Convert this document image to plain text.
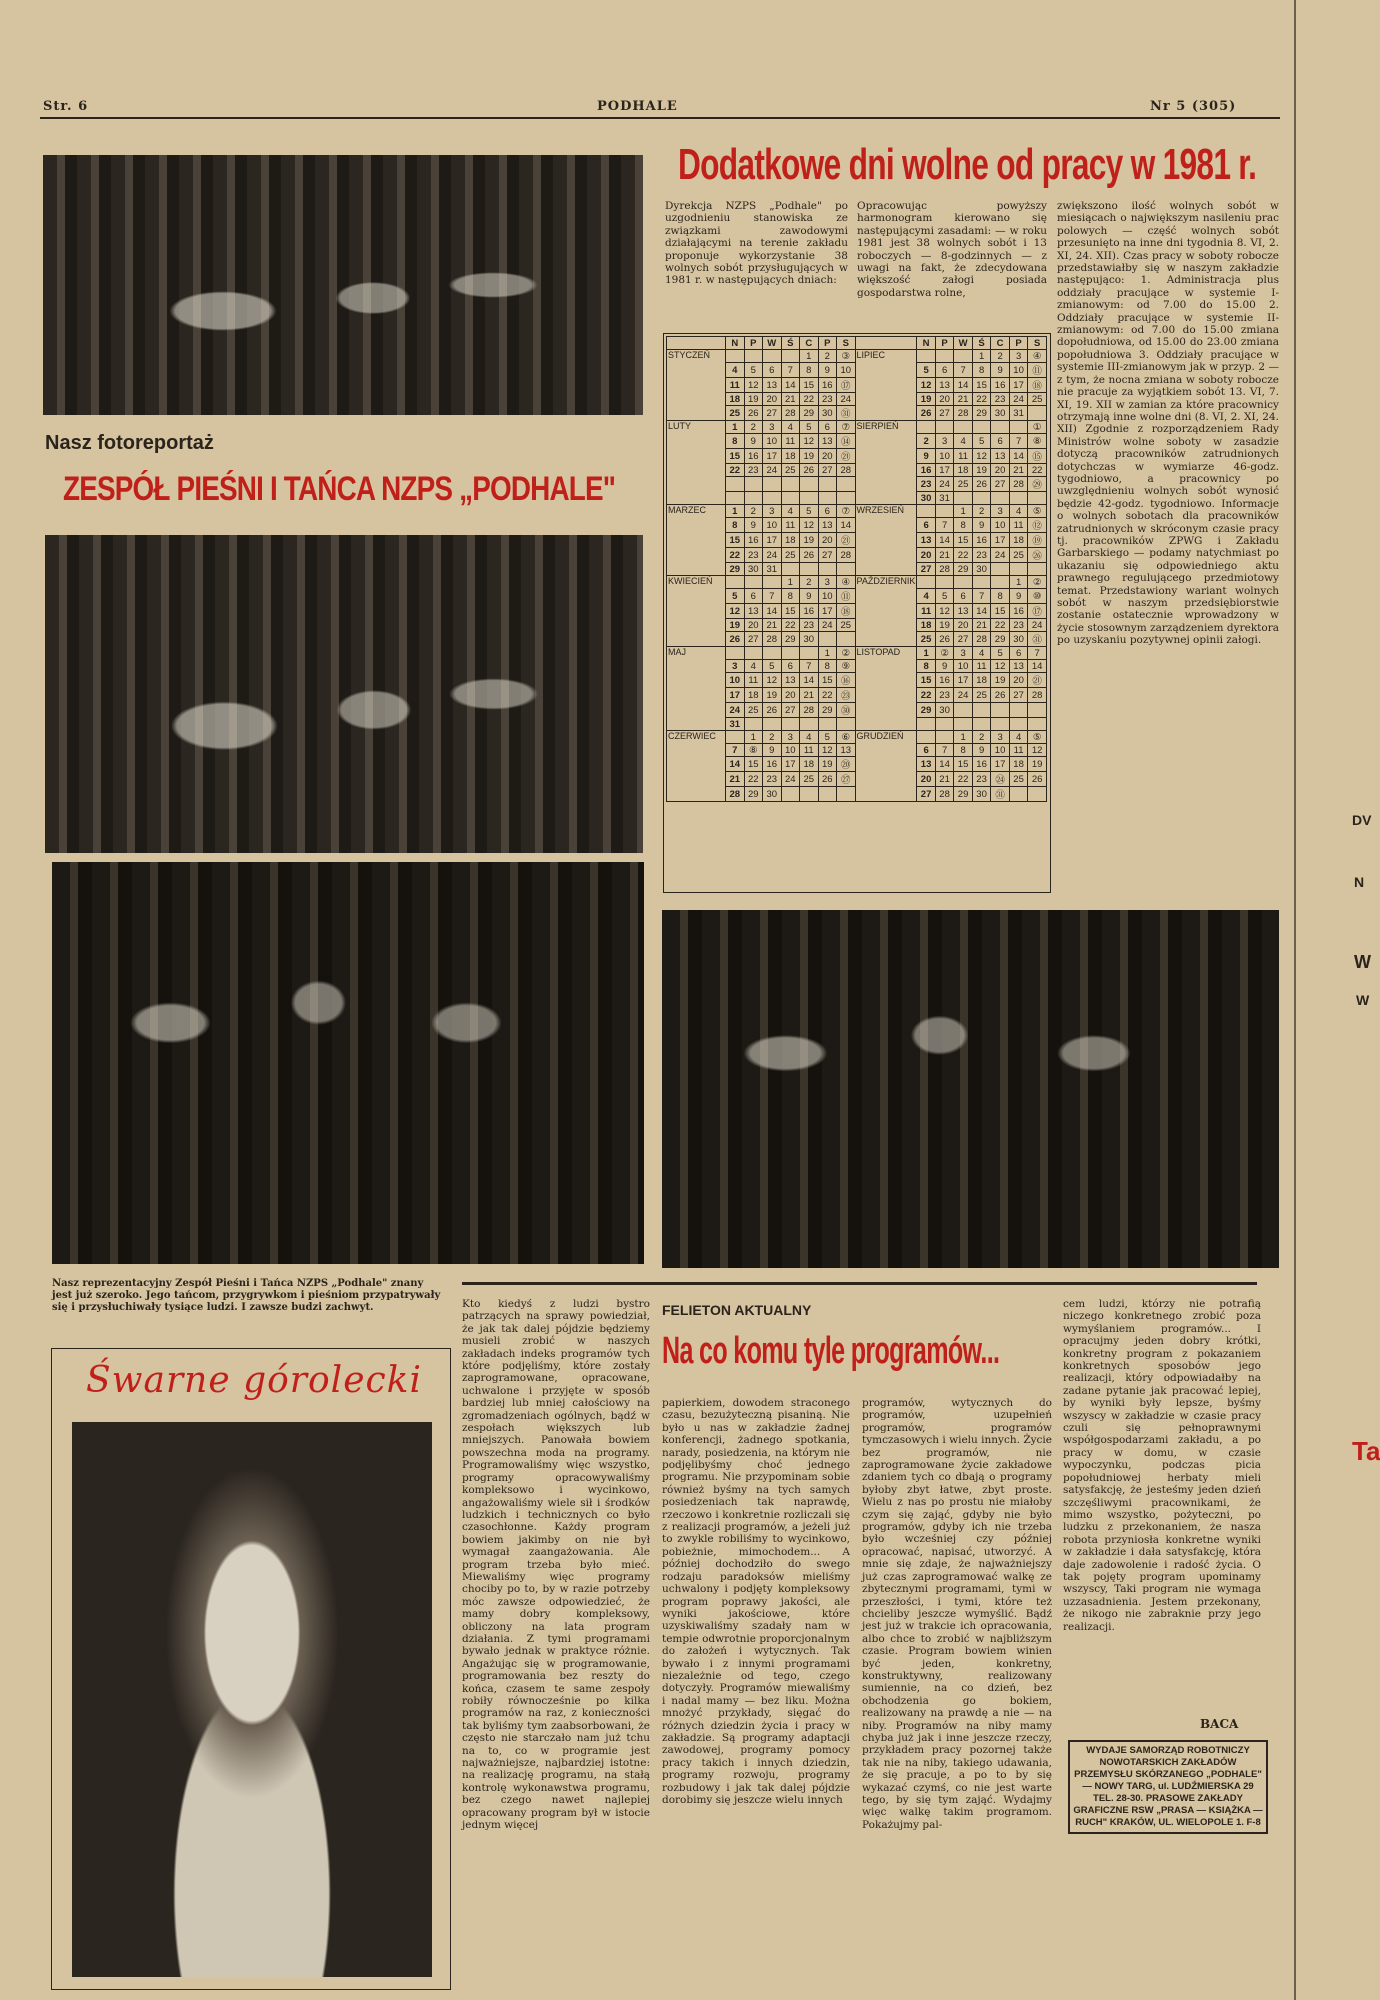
Str. 6	PODHALE	Nr 5 (305)
Nasz fotoreportaż
ZESPÓŁ PIEŚNI I TAŃCA NZPS „PODHALE"
Nasz reprezentacyjny Zespół Pieśni i Tańca NZPS „Podhale" znany jest już szeroko. Jego tańcom, przygrywkom i pieśniom przypatrywały się i przysłuchiwały tysiące ludzi. I zawsze budzi zachwyt.
Dodatkowe dni wolne od pracy w 1981 r.
Dyrekcja NZPS „Podhale" po uzgodnieniu stanowiska ze związkami zawodowymi działającymi na terenie zakładu proponuje wykorzystanie 38 wolnych sobót przysługujących w 1981 r. w następujących dniach:
Opracowując powyższy harmonogram kierowano się następującymi zasadami: — w roku 1981 jest 38 wolnych sobót i 13 roboczych — 8-godzinnych — z uwagi na fakt, że zdecydowana większość załogi posiada gospodarstwa rolne,
zwiększono ilość wolnych sobót w miesiącach o największym nasileniu prac polowych — część wolnych sobót przesunięto na inne dni tygodnia 8. VI, 2. XI, 24. XII). Czas pracy w soboty robocze przedstawiałby się w naszym zakładzie następująco: 1. Administracja plus oddziały pracujące w systemie I-zmianowym: od 7.00 do 15.00 2. Oddziały pracujące w systemie II-zmianowym: od 7.00 do 15.00 zmiana dopołudniowa, od 15.00 do 23.00 zmiana popołudniowa 3. Oddziały pracujące w systemie III-zmianowym jak w przyp. 2 — z tym, że nocna zmiana w soboty robocze nie pracuje za wyjątkiem sobót 13. VI, 7. XI, 19. XII w zamian za które pracownicy otrzymają inne wolne dni (8. VI, 2. XI, 24. XII) Zgodnie z rozporządzeniem Rady Ministrów wolne soboty w zasadzie dotyczą pracowników zatrudnionych dotychczas w wymiarze 46-godz. tygodniowo, a pracownicy po uwzględnieniu wolnych sobót wynosić będzie 42-godz. tygodniowo. Informacje o wolnych sobotach dla pracowników zatrudnionych w skróconym czasie pracy tj. pracowników ZPWG i Zakładu Garbarskiego — podamy natychmiast po ukazaniu się odpowiedniego aktu prawnego regulującego przedmiotowy temat. Przedstawiony wariant wolnych sobót w naszym przedsiębiorstwie zostanie ostatecznie wprowadzony w życie stosownym zarządzeniem dyrektora po uzyskaniu pozytywnej opinii załogi.
	N	P	W	Ś	C	P	S		N	P	W	Ś	C	P	S
STYCZEŃ					1	2	③	LIPIEC				1	2	3	④
	4	5	6	7	8	9	10		5	6	7	8	9	10	⑪
	11	12	13	14	15	16	⑰		12	13	14	15	16	17	⑱
	18	19	20	21	22	23	24		19	20	21	22	23	24	25
	25	26	27	28	29	30	㉛		26	27	28	29	30	31	
LUTY	1	2	3	4	5	6	⑦	SIERPIEŃ							①
	8	9	10	11	12	13	⑭		2	3	4	5	6	7	⑧
	15	16	17	18	19	20	㉑		9	10	11	12	13	14	⑮
	22	23	24	25	26	27	28		16	17	18	19	20	21	22
									23	24	25	26	27	28	㉙
									30	31					
MARZEC	1	2	3	4	5	6	⑦	WRZESIEŃ			1	2	3	4	⑤
	8	9	10	11	12	13	14		6	7	8	9	10	11	⑫
	15	16	17	18	19	20	㉑		13	14	15	16	17	18	⑲
	22	23	24	25	26	27	28		20	21	22	23	24	25	㉖
	29	30	31						27	28	29	30			
KWIECIEŃ				1	2	3	④	PAŹDZIERNIK						1	②
	5	6	7	8	9	10	⑪		4	5	6	7	8	9	⑩
	12	13	14	15	16	17	⑱		11	12	13	14	15	16	⑰
	19	20	21	22	23	24	25		18	19	20	21	22	23	24
	26	27	28	29	30				25	26	27	28	29	30	㉛
MAJ						1	②	LISTOPAD	1	②	3	4	5	6	7
	3	4	5	6	7	8	⑨		8	9	10	11	12	13	14
	10	11	12	13	14	15	⑯		15	16	17	18	19	20	㉑
	17	18	19	20	21	22	㉓		22	23	24	25	26	27	28
	24	25	26	27	28	29	㉚		29	30					
	31														
CZERWIEC		1	2	3	4	5	⑥	GRUDZIEŃ			1	2	3	4	⑤
	7	⑧	9	10	11	12	13		6	7	8	9	10	11	12
	14	15	16	17	18	19	⑳		13	14	15	16	17	18	19
	21	22	23	24	25	26	㉗		20	21	22	23	㉔	25	26
	28	29	30						27	28	29	30	㉛		
Śwarne górolecki
Kto kiedyś z ludzi bystro patrzących na sprawy powiedział, że jak tak dalej pójdzie będziemy musieli zrobić w naszych zakładach indeks programów tych które podjęliśmy, które zostały zaprogramowane, opracowane, uchwalone i przyjęte w sposób bardziej lub mniej całościowy na zgromadzeniach ogólnych, bądź w zespołach większych lub mniejszych. Panowała bowiem powszechna moda na programy. Programowaliśmy więc wszystko, programy opracowywaliśmy kompleksowo i wycinkowo, angażowaliśmy wiele sił i środków ludzkich i technicznych co było czasochłonne. Każdy program bowiem jakimby on nie był wymagał zaangażowania. Ale program trzeba było mieć. Miewaliśmy więc programy chociby po to, by w razie potrzeby móc zawsze odpowiedzieć, że mamy dobry kompleksowy, obliczony na lata program działania. Z tymi programami bywało jednak w praktyce różnie. Angażując się w programowanie, programowania bez reszty do końca, czasem te same zespoły robiły równocześnie po kilka programów na raz, z konieczności tak byliśmy tym zaabsorbowani, że często nie starczało nam już tchu na to, co w programie jest najważniejsze, najbardziej istotne: na realizację programu, na stałą kontrolę wykonawstwa programu, bez czego nawet najlepiej opracowany program był w istocie jednym więcej
FELIETON AKTUALNY
Na co komu tyle programów...
papierkiem, dowodem straconego czasu, bezużyteczną pisaniną. Nie było u nas w zakładzie żadnej konferencji, żadnego spotkania, narady, posiedzenia, na którym nie podjęlibyśmy choć jednego programu. Nie przypominam sobie również byśmy na tych samych posiedzeniach tak naprawdę, rzeczowo i konkretnie rozliczali się z realizacji programów, a jeżeli już to zwykle robiliśmy to wycinkowo, pobieżnie, mimochodem... A później dochodziło do swego rodzaju paradoksów mieliśmy uchwalony i podjęty kompleksowy program poprawy jakości, ale wyniki jakościowe, które uzyskiwaliśmy szadały nam w tempie odwrotnie proporcjonalnym do założeń i wytycznych. Tak bywało i z innymi programami niezależnie od tego, czego dotyczyły. Programów miewaliśmy i nadal mamy — bez liku. Można mnożyć przykłady, sięgać do różnych dziedzin życia i pracy w zakładzie. Są programy adaptacji zawodowej, programy pomocy pracy takich i innych dziedzin, programy rozwoju, programy rozbudowy i jak tak dalej pójdzie dorobimy się jeszcze wielu innych
programów, wytycznych do programów, uzupełnień programów, programów tymczasowych i wielu innych. Życie bez programów, nie zaprogramowane życie zakładowe zdaniem tych co dbają o programy byłoby zbyt łatwe, zbyt proste. Wielu z nas po prostu nie miałoby czym się zająć, gdyby nie było programów, gdyby ich nie trzeba było wcześniej czy później opracować, napisać, utworzyć. A mnie się zdaje, że najważniejszy już czas zaprogramować walkę ze zbytecznymi programami, tymi w przeszłości, i tymi, które też chcieliby jeszcze wymyślić. Bądź jest już w trakcie ich opracowania, albo chce to zrobić w najbliższym czasie. Program bowiem winien być jeden, konkretny, konstruktywny, realizowany sumiennie, na co dzień, bez obchodzenia go bokiem, realizowany na prawdę a nie — na niby. Programów na niby mamy chyba już jak i inne jeszcze rzeczy, przykładem pracy pozornej także tak nie na niby, takiego udawania, że się pracuje, a po to by się wykazać czymś, co nie jest warte tego, by się tym zająć. Wydajmy więc walkę takim programom. Pokażujmy pal-
cem ludzi, którzy nie potrafią niczego konkretnego zrobić poza wymyślaniem programów... I opracujmy jeden dobry krótki, konkretny program z pokazaniem konkretnych sposobów jego realizacji, który odpowiadałby na zadane pytanie jak pracować lepiej, by wyniki były lepsze, byśmy wszyscy w zakładzie w czasie pracy czuli się pełnoprawnymi współgospodarzami zakładu, a po pracy w domu, w czasie wypoczynku, podczas picia popołudniowej herbaty mieli satysfakcję, że jesteśmy jeden dzień szczęśliwymi pracownikami, że mimo wszystko, pożyteczni, po ludzku z przekonaniem, że nasza robota przyniosła konkretne wyniki w zakładzie i dała satysfakcję, która daje zadowolenie i radość życia. O tak pojęty program upominamy wszyscy, Taki program nie wymaga uzzasadnienia. Jestem przekonany, że nikogo nie zabraknie przy jego realizacji.
BACA
WYDAJE SAMORZĄD ROBOTNICZY NOWOTARSKICH ZAKŁADÓW PRZEMYSŁU SKÓRZANEGO „PODHALE" — NOWY TARG, ul. LUDŹMIERSKA 29 TEL. 28-30. PRASOWE ZAKŁADY GRAFICZNE RSW „PRASA — KSIĄŻKA — RUCH" KRAKÓW, UL. WIELOPOLE 1. F-8
DV
N
W
W
Ta
